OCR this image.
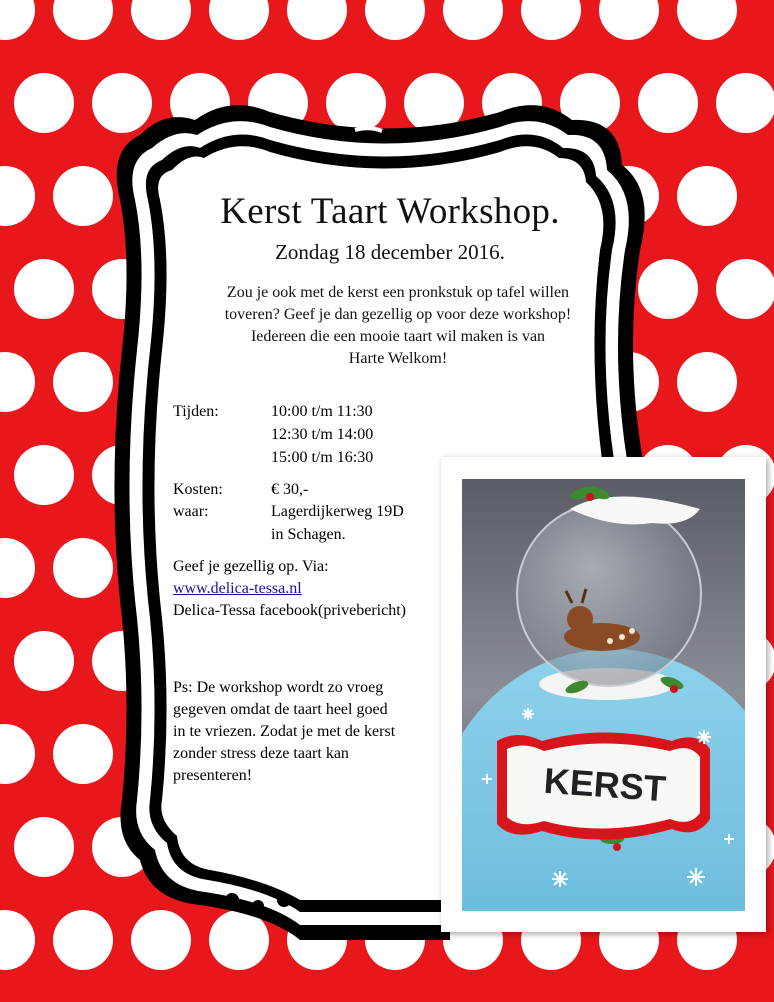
Kerst Taart Workshop.
Zondag 18 december 2016.
Zou je ook met de kerst een pronkstuk op tafel willen
toveren? Geef je dan gezellig op voor deze workshop!
Iedereen die een mooie taart wil maken is van
Harte Welkom!
Tijden:	10:00 t/m 11:30
12:30 t/m 14:00
15:00 t/m 16:30
Kosten:	€ 30,-
waar:	Lagerdijkerweg 19D
in Schagen.
Geef je gezellig op. Via:
www.delica-tessa.nl
Delica-Tessa facebook(privebericht)
Ps: De workshop wordt zo vroeg
gegeven omdat de taart heel goed
in te vriezen. Zodat je met de kerst
zonder stress deze taart kan
presenteren!	KERST
